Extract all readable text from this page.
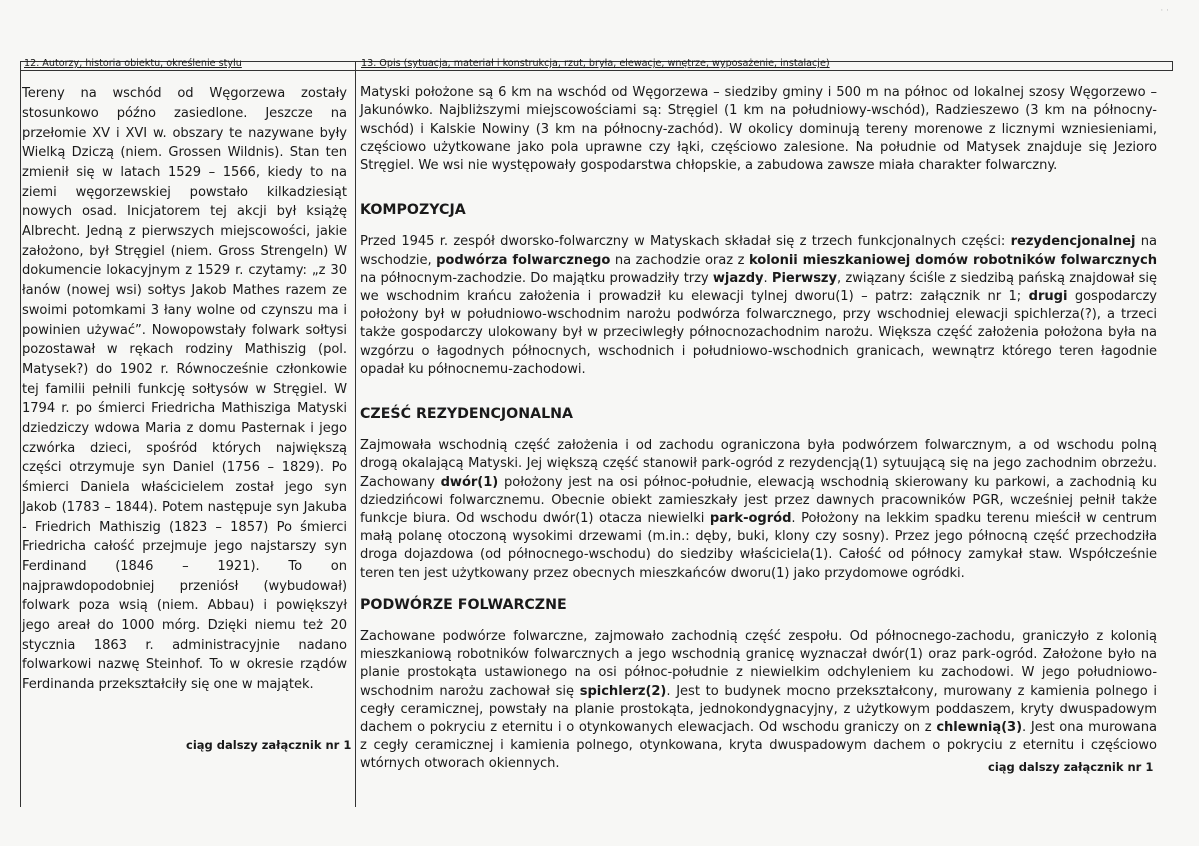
12. Autorzy, historia obiektu, określenie stylu

Tereny na wschód od Węgorzewa zostały stosunkowo późno zasiedlone. Jeszcze na przełomie XV i XVI w. obszary te nazywane były Wielką Dziczą (niem. Grossen Wildnis). Stan ten zmienił się w latach 1529 – 1566, kiedy to na ziemi węgorzewskiej powstało kilkadziesiąt nowych osad. Inicjatorem tej akcji był książę Albrecht. Jedną z pierwszych miejscowości, jakie założono, był Stręgiel (niem. Gross Strengeln) W dokumencie lokacyjnym z 1529 r. czytamy: „z 30 łanów (nowej wsi) sołtys Jakob Mathes razem ze swoimi potomkami 3 łany wolne od czynszu ma i powinien używać”. Nowopowstały folwark sołtysi pozostawał w rękach rodziny Mathiszig (pol. Matysek?) do 1902 r. Równocześnie członkowie tej familii pełnili funkcję sołtysów w Stręgiel. W 1794 r. po śmierci Friedricha Mathisziga Matyski dziedziczy wdowa Maria z domu Pasternak i jego czwórka dzieci, spośród których największą części otrzymuje syn Daniel (1756 – 1829). Po śmierci Daniela właścicielem został jego syn Jakob (1783 – 1844). Potem następuje syn Jakuba - Friedrich Mathiszig (1823 – 1857) Po śmierci Friedricha całość przejmuje jego najstarszy syn Ferdinand (1846 – 1921). To on najprawdopodobniej przeniósł (wybudował) folwark poza wsią (niem. Abbau) i powiększył jego areał do 1000 mórg. Dzięki niemu też 20 stycznia 1863 r. administracyjnie nadano folwarkowi nazwę Steinhof. To w okresie rządów Ferdinanda przekształciły się one w majątek.

ciąg dalszy załącznik nr 1
13. Opis (sytuacja, materiał i konstrukcja, rzut, bryła, elewacje, wnętrze, wyposażenie, instalacje)

Matyski położone są 6 km na wschód od Węgorzewa – siedziby gminy i 500 m na północ od lokalnej szosy Węgorzewo – Jakunówko. Najbliższymi miejscowościami są: Stręgiel (1 km na południowy-wschód), Radzieszewo (3 km na północny-wschód) i Kalskie Nowiny (3 km na północny-zachód). W okolicy dominują tereny morenowe z licznymi wzniesieniami, częściowo użytkowane jako pola uprawne czy łąki, częściowo zalesione. Na południe od Matysek znajduje się Jezioro Stręgiel. We wsi nie występowały gospodarstwa chłopskie, a zabudowa zawsze miała charakter folwarczny.

KOMPOZYCJA

Przed 1945 r. zespół dworsko-folwarczny w Matyskach składał się z trzech funkcjonalnych części: rezydencjonalnej na wschodzie, podwórza folwarcznego na zachodzie oraz z kolonii mieszkaniowej domów robotników folwarcznych na północnym-zachodzie. Do majątku prowadziły trzy wjazdy. Pierwszy, związany ściśle z siedzibą pańską znajdował się we wschodnim krańcu założenia i prowadził ku elewacji tylnej dworu(1) – patrz: załącznik nr 1; drugi gospodarczy położony był w południowo-wschodnim narożu podwórza folwarcznego, przy wschodniej elewacji spichlerza(?), a trzeci także gospodarczy ulokowany był w przeciwległy północnozachodnim narożu. Większa część założenia położona była na wzgórzu o łagodnych północnych, wschodnich i południowo-wschodnich granicach, wewnątrz którego teren łagodnie opadał ku północnemu-zachodowi.

CZEŚĆ REZYDENCJONALNA

Zajmowała wschodnią część założenia i od zachodu ograniczona była podwórzem folwarcznym, a od wschodu polną drogą okalającą Matyski. Jej większą część stanowił park-ogród z rezydencją(1) sytuującą się na jego zachodnim obrzeżu. Zachowany dwór(1) położony jest na osi północ-południe, elewacją wschodnią skierowany ku parkowi, a zachodnią ku dziedzińcowi folwarcznemu. Obecnie obiekt zamieszkały jest przez dawnych pracowników PGR, wcześniej pełnił także funkcje biura. Od wschodu dwór(1) otacza niewielki park-ogród. Położony na lekkim spadku terenu mieścił w centrum małą polanę otoczoną wysokimi drzewami (m.in.: dęby, buki, klony czy sosny). Przez jego północną część przechodziła droga dojazdowa (od północnego-wschodu) do siedziby właściciela(1). Całość od północy zamykał staw. Współcześnie teren ten jest użytkowany przez obecnych mieszkańców dworu(1) jako przydomowe ogródki.

PODWÓRZE FOLWARCZNE

Zachowane podwórze folwarczne, zajmowało zachodnią część zespołu. Od północnego-zachodu, graniczyło z kolonią mieszkaniową robotników folwarcznych a jego wschodnią granicę wyznaczał dwór(1) oraz park-ogród. Założone było na planie prostokąta ustawionego na osi północ-południe z niewielkim odchyleniem ku zachodowi. W jego południowo-wschodnim narożu zachował się spichlerz(2). Jest to budynek mocno przekształcony, murowany z kamienia polnego i cegły ceramicznej, powstały na planie prostokąta, jednokondygnacyjny, z użytkowym poddaszem, kryty dwuspadowym dachem o pokryciu z eternitu i o otynkowanych elewacjach. Od wschodu graniczy on z chlewnią(3). Jest ona murowana z cegły ceramicznej i kamienia polnego, otynkowana, kryta dwuspadowym dachem o pokryciu z eternitu i częściowo wtórnych otworach okiennych.	ciąg dalszy załącznik nr 1
· ·
